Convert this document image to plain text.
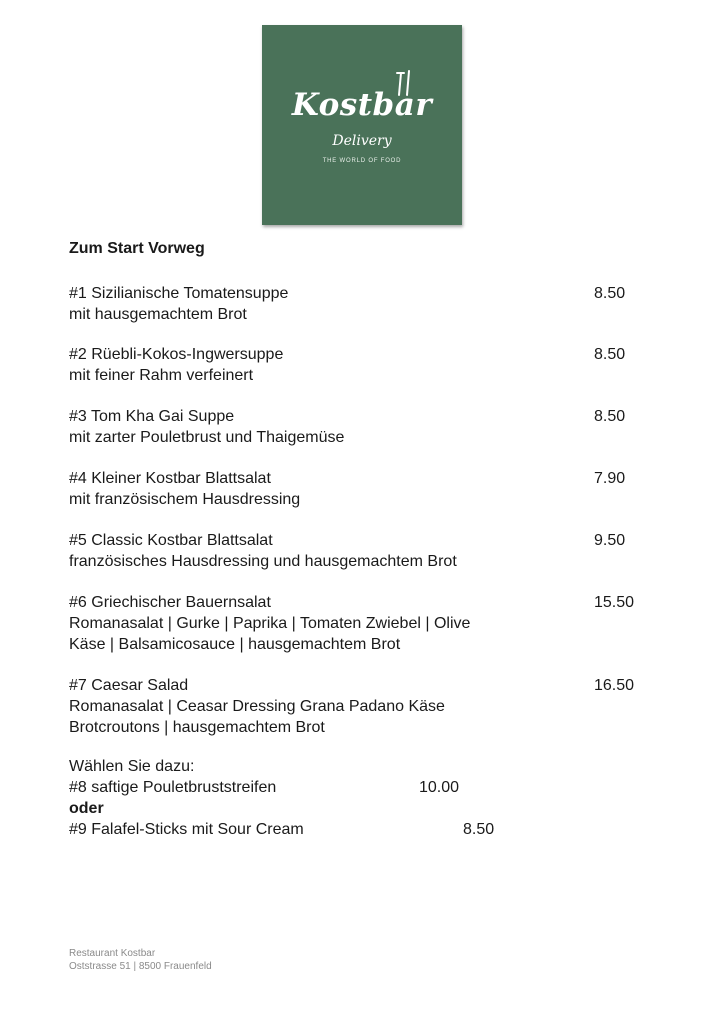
Kostbar
Delivery
THE WORLD OF FOOD
Zum Start Vorweg
#1 Sizilianische Tomatensuppe
mit hausgemachtem Brot
8.50
#2 Rüebli-Kokos-Ingwersuppe
mit feiner Rahm verfeinert
8.50
#3 Tom Kha Gai Suppe
mit zarter Pouletbrust und Thaigemüse
8.50
#4 Kleiner Kostbar Blattsalat
mit französischem Hausdressing
7.90
#5 Classic Kostbar Blattsalat
französisches Hausdressing und hausgemachtem Brot
9.50
#6 Griechischer Bauernsalat
Romanasalat | Gurke | Paprika | Tomaten Zwiebel | Olive
Käse | Balsamicosauce | hausgemachtem Brot
15.50
#7 Caesar Salad
Romanasalat | Ceasar Dressing Grana Padano Käse
Brotcroutons | hausgemachtem Brot
16.50
Wählen Sie dazu:
#8 saftige Pouletbruststreifen	10.00
oder
#9 Falafel-Sticks mit Sour Cream	8.50
Restaurant Kostbar
Oststrasse 51 | 8500 Frauenfeld
